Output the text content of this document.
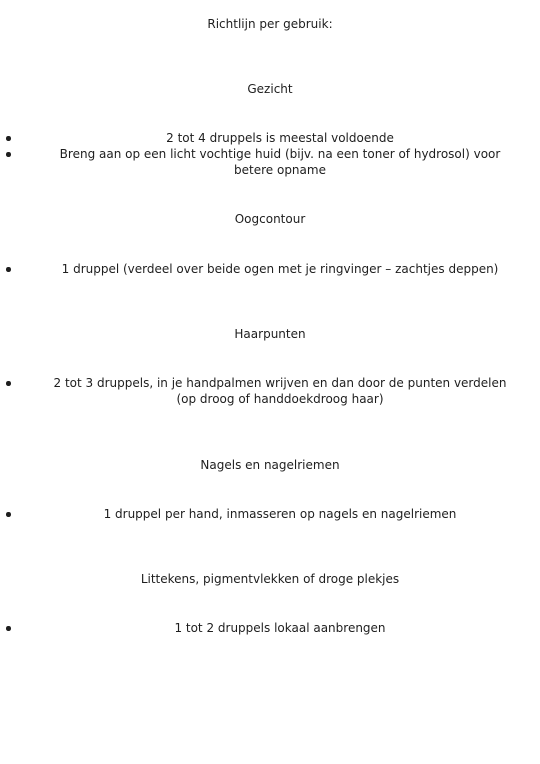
Richtlijn per gebruik:
Gezicht
2 tot 4 druppels is meestal voldoende
Breng aan op een licht vochtige huid (bijv. na een toner of hydrosol) voor betere opname
Oogcontour
1 druppel (verdeel over beide ogen met je ringvinger – zachtjes deppen)
Haarpunten
2 tot 3 druppels, in je handpalmen wrijven en dan door de punten verdelen (op droog of handdoekdroog haar)
Nagels en nagelriemen
1 druppel per hand, inmasseren op nagels en nagelriemen
Littekens, pigmentvlekken of droge plekjes
1 tot 2 druppels lokaal aanbrengen
